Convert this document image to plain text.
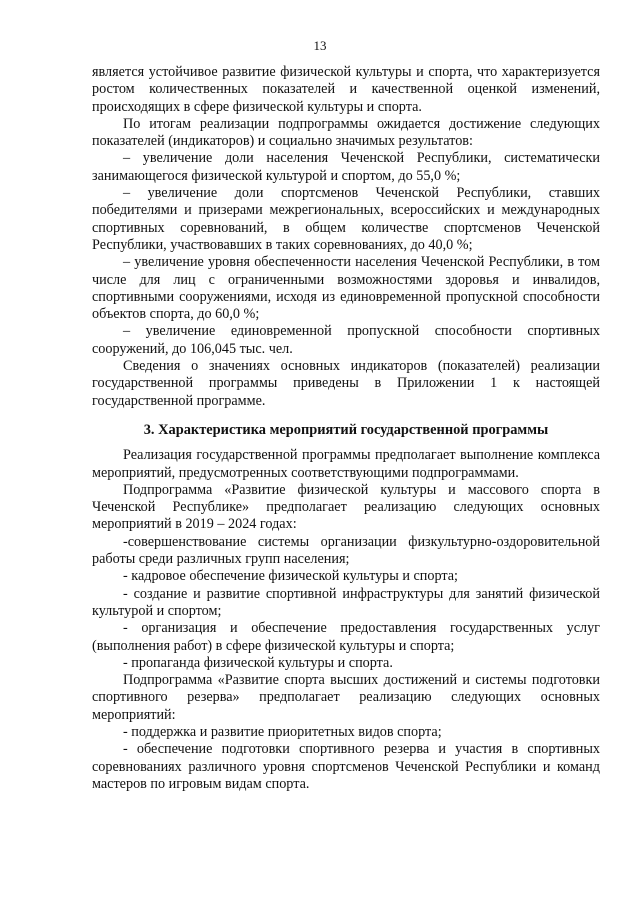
13

является устойчивое развитие физической культуры и спорта, что характеризуется ростом количественных показателей и качественной оценкой изменений, происходящих в сфере физической культуры и спорта.

По итогам реализации подпрограммы ожидается достижение следующих показателей (индикаторов) и социально значимых результатов:

– увеличение доли населения Чеченской Республики, систематически занимающегося физической культурой и спортом, до 55,0 %;

– увеличение доли спортсменов Чеченской Республики, ставших победителями и призерами межрегиональных, всероссийских и международных спортивных соревнований, в общем количестве спортсменов Чеченской Республики, участвовавших в таких соревнованиях, до 40,0 %;

– увеличение уровня обеспеченности населения Чеченской Республики, в том числе для лиц с ограниченными возможностями здоровья и инвалидов, спортивными сооружениями, исходя из единовременной пропускной способности объектов спорта, до 60,0 %;

– увеличение единовременной пропускной способности спортивных сооружений, до 106,045 тыс. чел.

Сведения о значениях основных индикаторов (показателей) реализации государственной программы приведены в Приложении 1 к настоящей государственной программе.

3. Характеристика мероприятий государственной программы

Реализация государственной программы предполагает выполнение комплекса мероприятий, предусмотренных соответствующими подпрограммами.

Подпрограмма «Развитие физической культуры и массового спорта в Чеченской Республике» предполагает реализацию следующих основных мероприятий в 2019 – 2024 годах:

-совершенствование системы организации физкультурно-оздоровительной работы среди различных групп населения;

- кадровое обеспечение физической культуры и спорта;

- создание и развитие спортивной инфраструктуры для занятий физической культурой и спортом;

- организация и обеспечение предоставления государственных услуг (выполнения работ) в сфере физической культуры и спорта;

- пропаганда физической культуры и спорта.

Подпрограмма «Развитие спорта высших достижений и системы подготовки спортивного резерва» предполагает реализацию следующих основных мероприятий:

- поддержка и развитие приоритетных видов спорта;

- обеспечение подготовки спортивного резерва и участия в спортивных соревнованиях различного уровня спортсменов Чеченской Республики и команд мастеров по игровым видам спорта.
